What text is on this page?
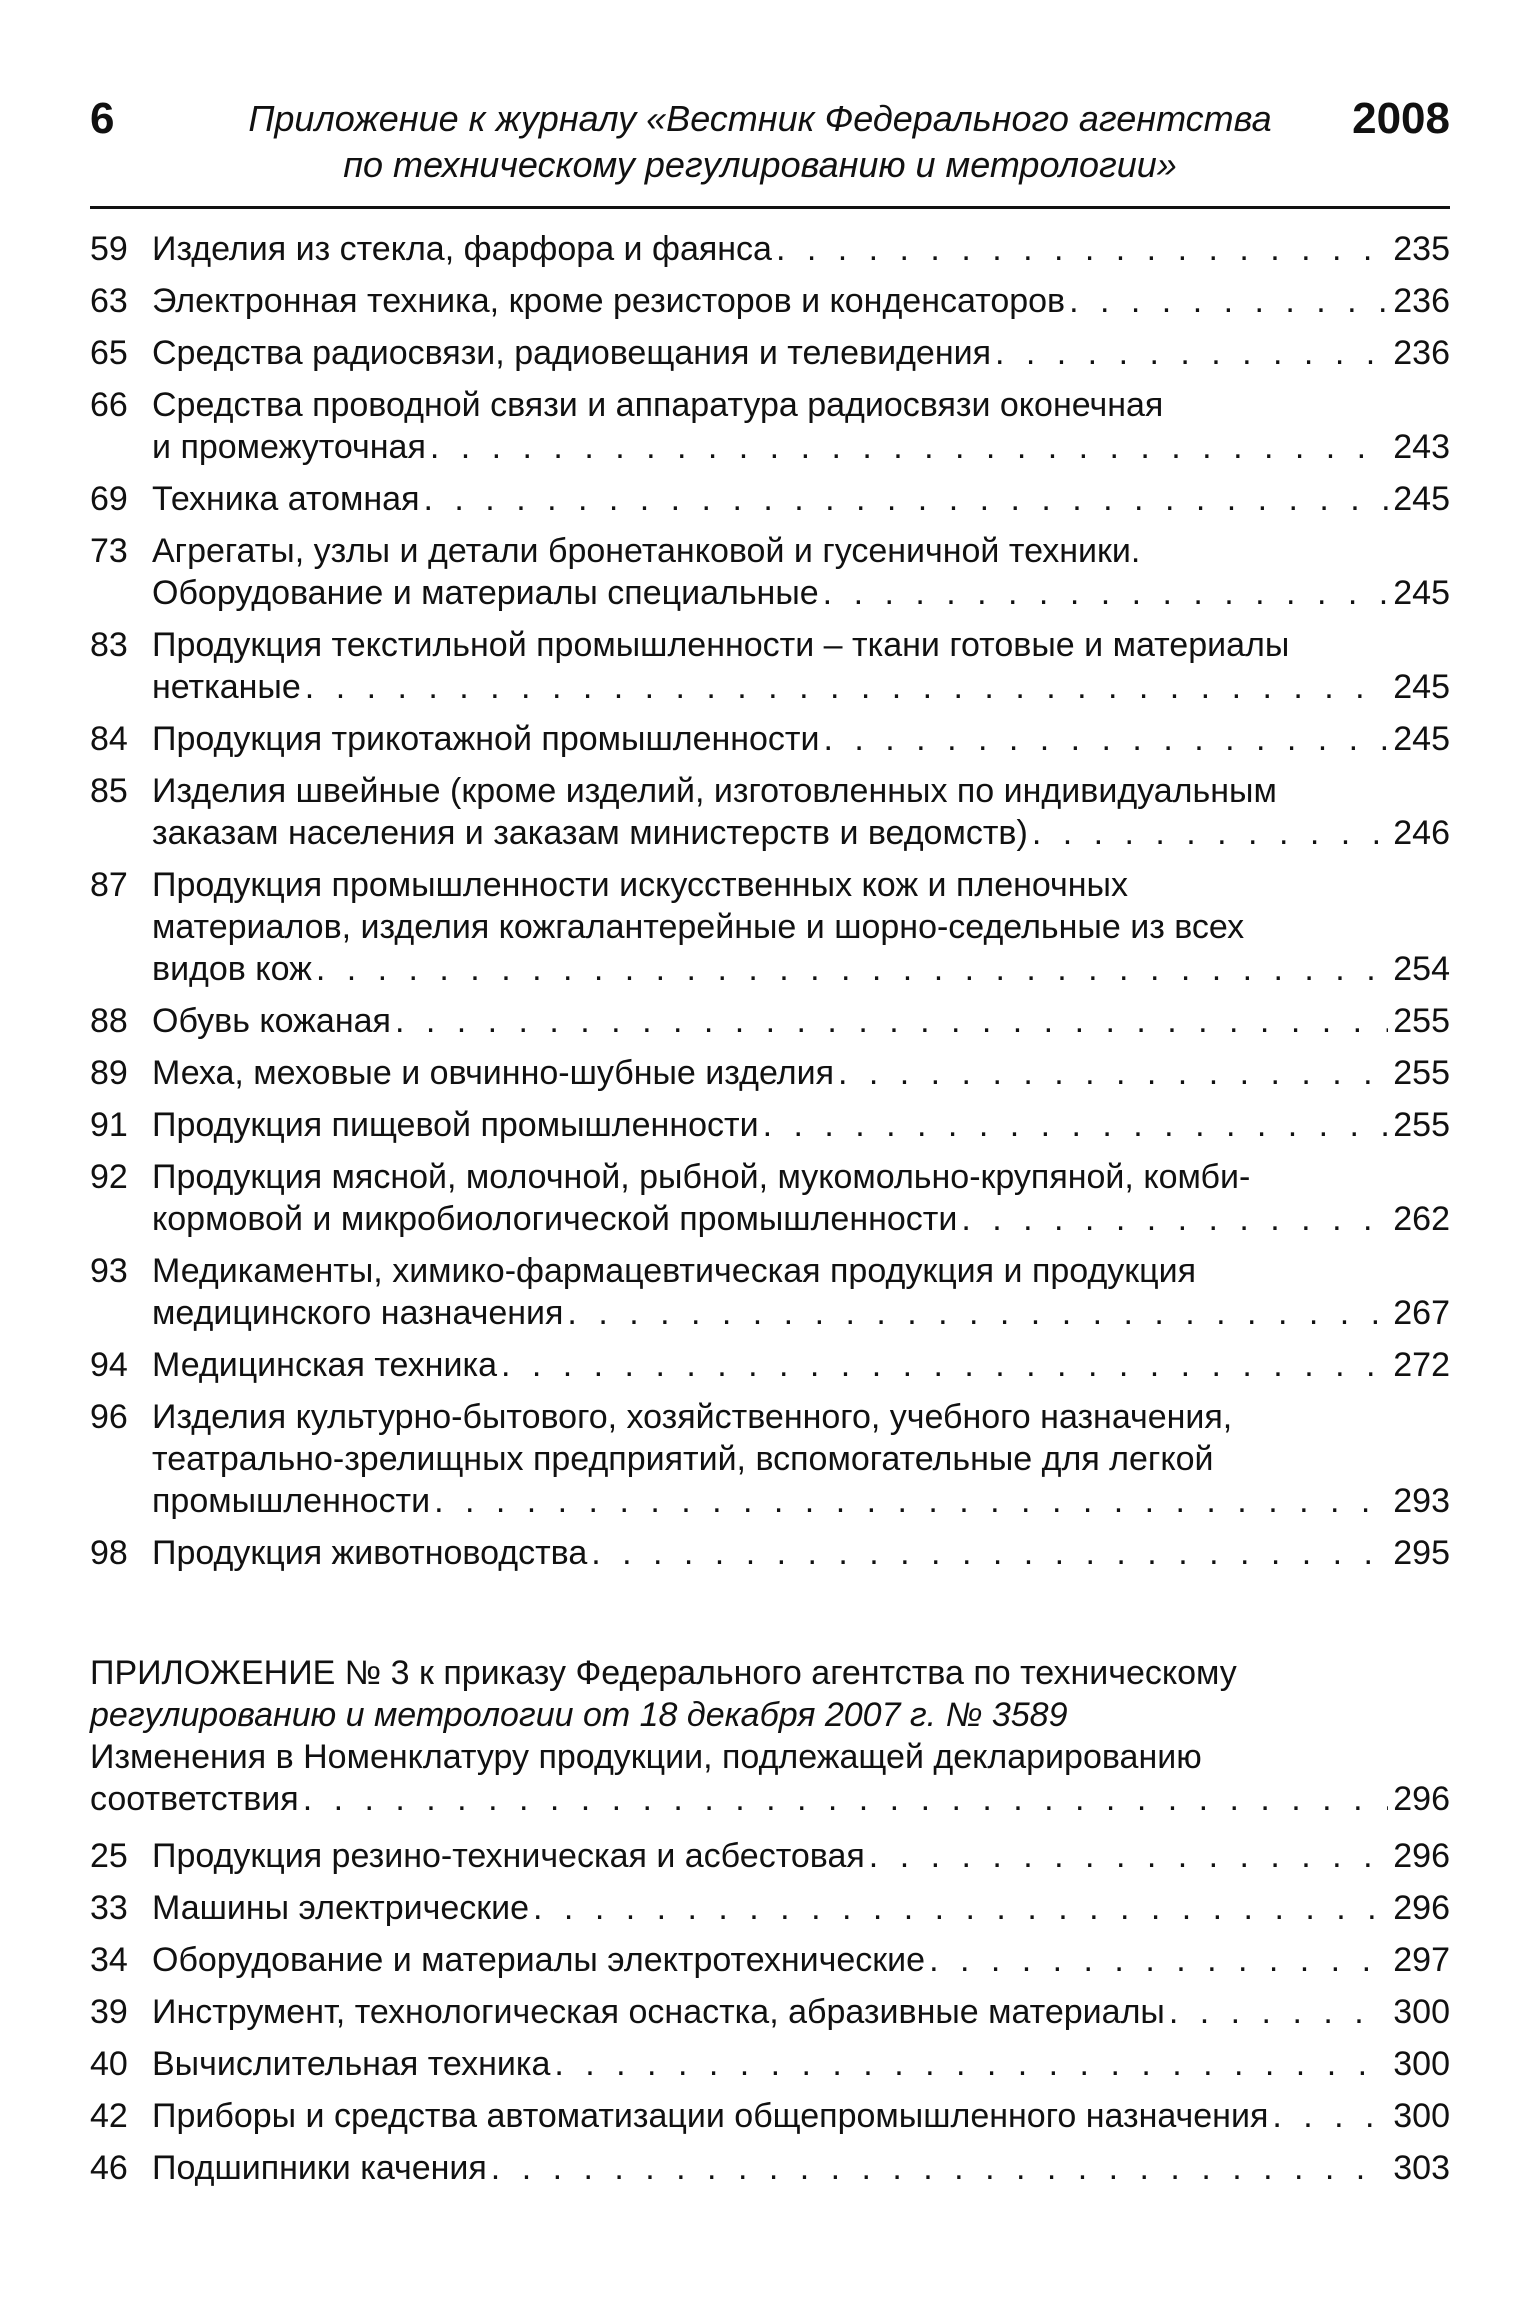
6	Приложение к журналу «Вестник Федерального агентства
по техническому регулированию и метрологии»
2008
59 Изделия из стекла, фарфора и фаянса . . .	235
63 Электронная техника, кроме резисторов и конденсаторов . . .	236
65 Средства радиосвязи, радиовещания и телевидения . . .	236
66 Средства проводной связи и аппаратура радиосвязи оконечная
и промежуточная . . .	243
69 Техника атомная . . .	245
73 Агрегаты, узлы и детали бронетанковой и гусеничной техники.
Оборудование и материалы специальные . . .	245
83 Продукция текстильной промышленности – ткани готовые и материалы
нетканые . . .	245
84 Продукция трикотажной промышленности . . .	245
85 Изделия швейные (кроме изделий, изготовленных по индивидуальным
заказам населения и заказам министерств и ведомств) . . .	246
87 Продукция промышленности искусственных кож и пленочных
материалов, изделия кожгалантерейные и шорно-седельные из всех
видов кож . . .	254
88 Обувь кожаная . . .	255
89 Меха, меховые и овчинно-шубные изделия . . .	255
91 Продукция пищевой промышленности . . .	255
92 Продукция мясной, молочной, рыбной, мукомольно-крупяной, комби-
кормовой и микробиологической промышленности . . .	262
93 Медикаменты, химико-фармацевтическая продукция и продукция
медицинского назначения . . .	267
94 Медицинская техника . . .	272
96 Изделия культурно-бытового, хозяйственного, учебного назначения,
театрально-зрелищных предприятий, вспомогательные для легкой
промышленности . . .	293
98 Продукция животноводства . . .	295
ПРИЛОЖЕНИЕ № 3 к приказу Федерального агентства по техническому
регулированию и метрологии от 18 декабря 2007 г. № 3589
Изменения в Номенклатуру продукции, подлежащей декларированию
соответствия . . .	296
25 Продукция резино-техническая и асбестовая . . .	296
33 Машины электрические . . .	296
34 Оборудование и материалы электротехнические . . .	297
39 Инструмент, технологическая оснастка, абразивные материалы . . .	300
40 Вычислительная техника . . .	300
42 Приборы и средства автоматизации общепромышленного назначения . . .	300
46 Подшипники качения . . .	303
